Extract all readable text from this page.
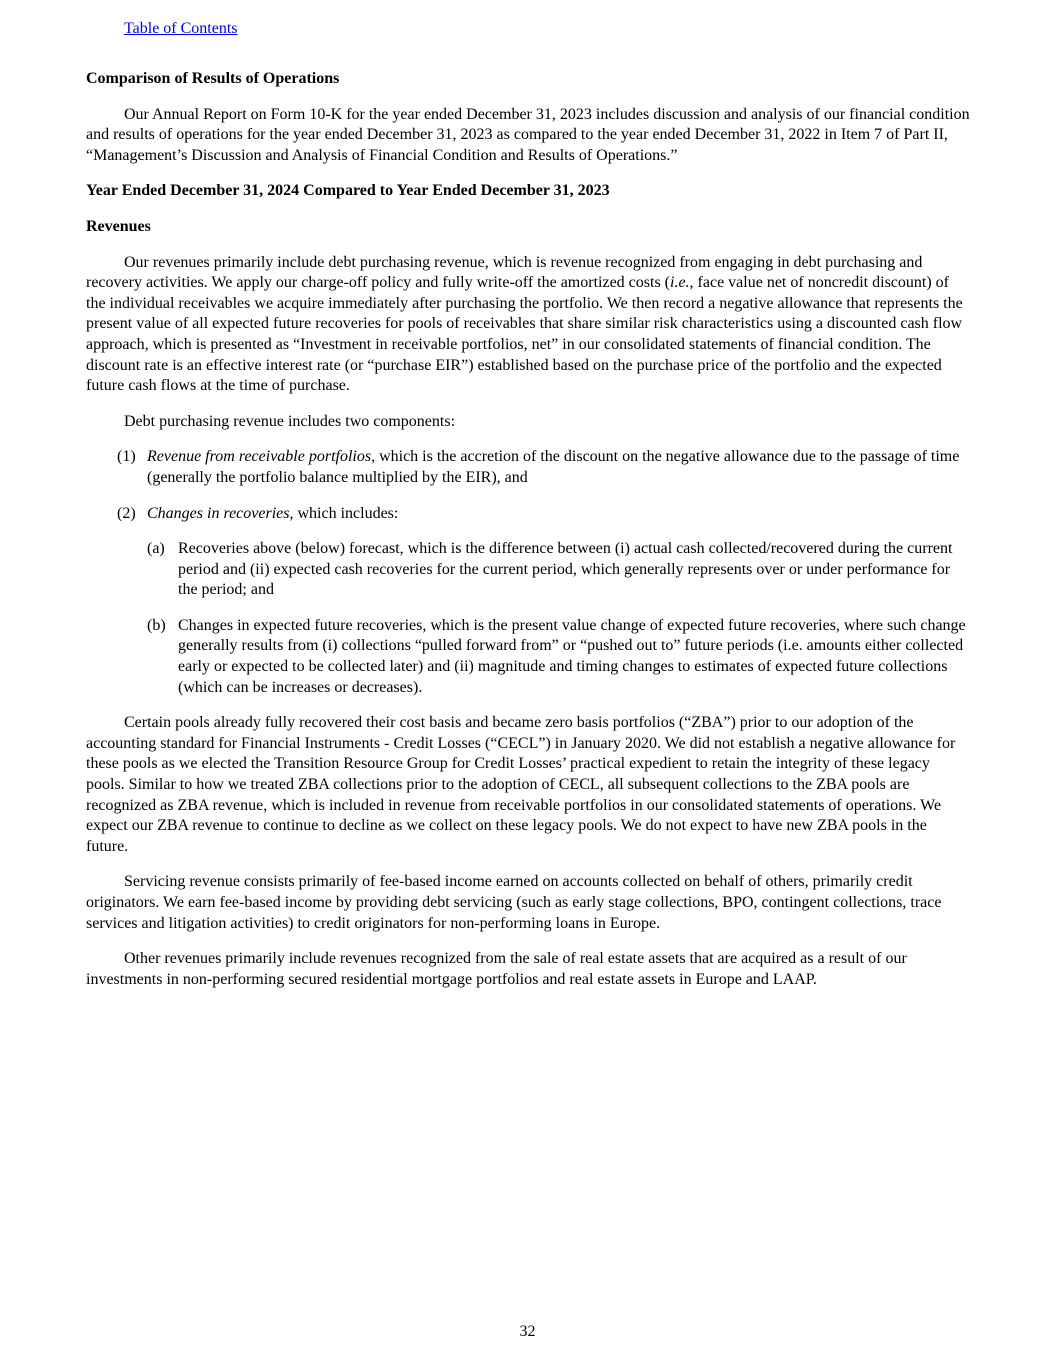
Table of Contents

Comparison of Results of Operations

Our Annual Report on Form 10-K for the year ended December 31, 2023 includes discussion and analysis of our financial condition and results of operations for the year ended December 31, 2023 as compared to the year ended December 31, 2022 in Item 7 of Part II, “Management’s Discussion and Analysis of Financial Condition and Results of Operations.”

Year Ended December 31, 2024 Compared to Year Ended December 31, 2023

Revenues

Our revenues primarily include debt purchasing revenue, which is revenue recognized from engaging in debt purchasing and recovery activities. We apply our charge-off policy and fully write-off the amortized costs (i.e., face value net of noncredit discount) of the individual receivables we acquire immediately after purchasing the portfolio. We then record a negative allowance that represents the present value of all expected future recoveries for pools of receivables that share similar risk characteristics using a discounted cash flow approach, which is presented as “Investment in receivable portfolios, net” in our consolidated statements of financial condition. The discount rate is an effective interest rate (or “purchase EIR”) established based on the purchase price of the portfolio and the expected future cash flows at the time of purchase.

Debt purchasing revenue includes two components:

(1) Revenue from receivable portfolios, which is the accretion of the discount on the negative allowance due to the passage of time (generally the portfolio balance multiplied by the EIR), and
(2) Changes in recoveries, which includes:
(a) Recoveries above (below) forecast, which is the difference between (i) actual cash collected/recovered during the current period and (ii) expected cash recoveries for the current period, which generally represents over or under performance for the period; and
(b) Changes in expected future recoveries, which is the present value change of expected future recoveries, where such change generally results from (i) collections “pulled forward from” or “pushed out to” future periods (i.e. amounts either collected early or expected to be collected later) and (ii) magnitude and timing changes to estimates of expected future collections (which can be increases or decreases).

Certain pools already fully recovered their cost basis and became zero basis portfolios (“ZBA”) prior to our adoption of the accounting standard for Financial Instruments - Credit Losses (“CECL”) in January 2020. We did not establish a negative allowance for these pools as we elected the Transition Resource Group for Credit Losses’ practical expedient to retain the integrity of these legacy pools. Similar to how we treated ZBA collections prior to the adoption of CECL, all subsequent collections to the ZBA pools are recognized as ZBA revenue, which is included in revenue from receivable portfolios in our consolidated statements of operations. We expect our ZBA revenue to continue to decline as we collect on these legacy pools. We do not expect to have new ZBA pools in the future.

Servicing revenue consists primarily of fee-based income earned on accounts collected on behalf of others, primarily credit originators. We earn fee-based income by providing debt servicing (such as early stage collections, BPO, contingent collections, trace services and litigation activities) to credit originators for non-performing loans in Europe.

Other revenues primarily include revenues recognized from the sale of real estate assets that are acquired as a result of our investments in non-performing secured residential mortgage portfolios and real estate assets in Europe and LAAP.

32
